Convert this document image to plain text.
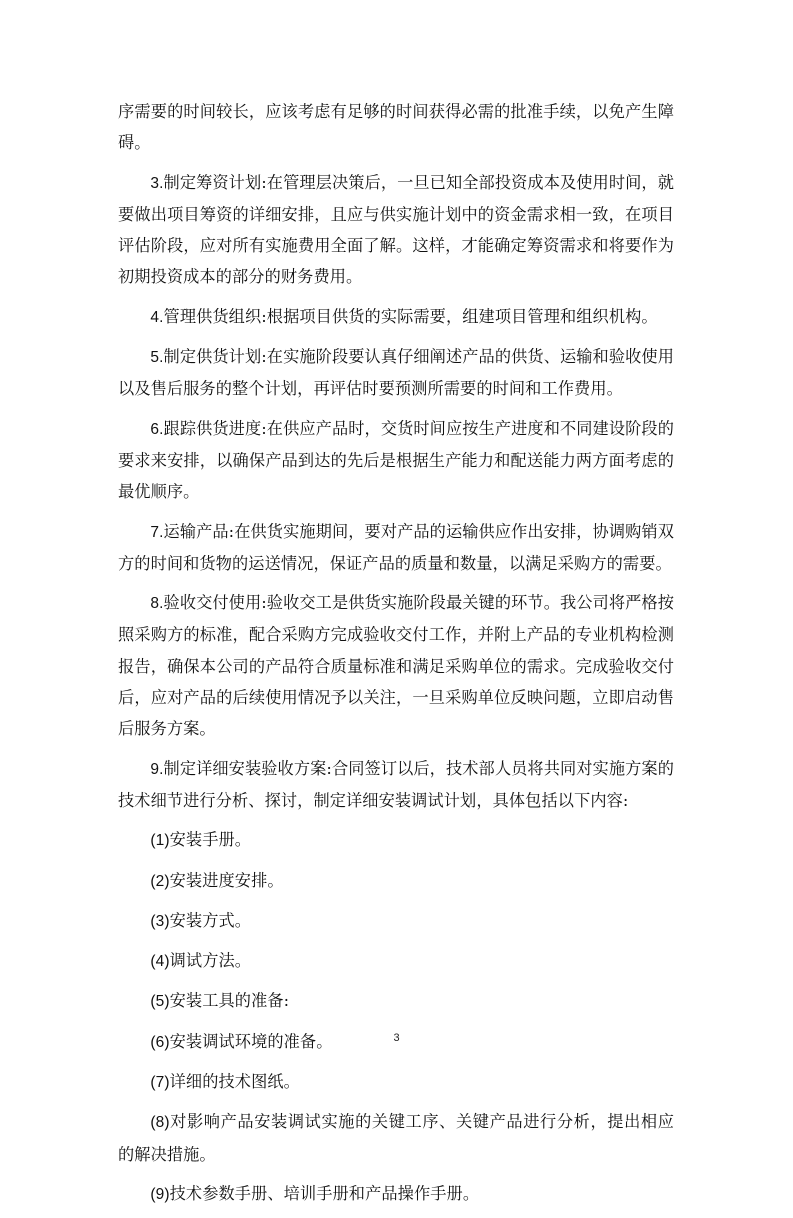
序需要的时间较长，应该考虑有足够的时间获得必需的批准手续，以免产生障碍。

3.制定筹资计划:在管理层决策后，一旦已知全部投资成本及使用时间，就要做出项目筹资的详细安排，且应与供实施计划中的资金需求相一致，在项目评估阶段，应对所有实施费用全面了解。这样，才能确定筹资需求和将要作为初期投资成本的部分的财务费用。

4.管理供货组织:根据项目供货的实际需要，组建项目管理和组织机构。

5.制定供货计划:在实施阶段要认真仔细阐述产品的供货、运输和验收使用以及售后服务的整个计划，再评估时要预测所需要的时间和工作费用。

6.跟踪供货进度:在供应产品时，交货时间应按生产进度和不同建设阶段的要求来安排，以确保产品到达的先后是根据生产能力和配送能力两方面考虑的最优顺序。

7.运输产品:在供货实施期间，要对产品的运输供应作出安排，协调购销双方的时间和货物的运送情况，保证产品的质量和数量，以满足采购方的需要。

8.验收交付使用:验收交工是供货实施阶段最关键的环节。我公司将严格按照采购方的标准，配合采购方完成验收交付工作，并附上产品的专业机构检测报告，确保本公司的产品符合质量标准和满足采购单位的需求。完成验收交付后，应对产品的后续使用情况予以关注，一旦采购单位反映问题，立即启动售后服务方案。

9.制定详细安装验收方案:合同签订以后，技术部人员将共同对实施方案的技术细节进行分析、探讨，制定详细安装调试计划，具体包括以下内容:

(1)安装手册。

(2)安装进度安排。

(3)安装方式。

(4)调试方法。

(5)安装工具的准备:

(6)安装调试环境的准备。

(7)详细的技术图纸。

(8)对影响产品安装调试实施的关键工序、关键产品进行分析，提出相应的解决措施。

(9)技术参数手册、培训手册和产品操作手册。

3
